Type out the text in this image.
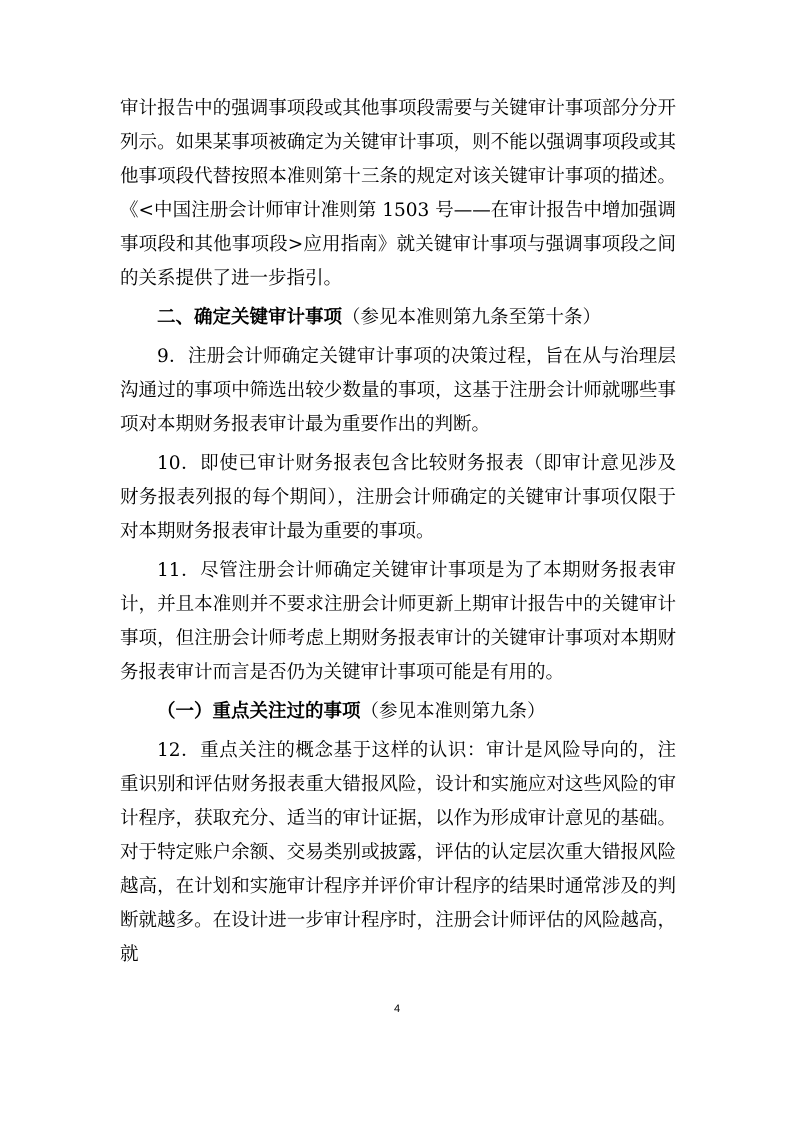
审计报告中的强调事项段或其他事项段需要与关键审计事项部分分开列示。如果某事项被确定为关键审计事项，则不能以强调事项段或其他事项段代替按照本准则第十三条的规定对该关键审计事项的描述。《<中国注册会计师审计准则第 1503 号——在审计报告中增加强调事项段和其他事项段>应用指南》就关键审计事项与强调事项段之间的关系提供了进一步指引。

二、确定关键审计事项（参见本准则第九条至第十条）

9．注册会计师确定关键审计事项的决策过程，旨在从与治理层沟通过的事项中筛选出较少数量的事项，这基于注册会计师就哪些事项对本期财务报表审计最为重要作出的判断。

10．即使已审计财务报表包含比较财务报表（即审计意见涉及财务报表列报的每个期间），注册会计师确定的关键审计事项仅限于对本期财务报表审计最为重要的事项。

11．尽管注册会计师确定关键审计事项是为了本期财务报表审计，并且本准则并不要求注册会计师更新上期审计报告中的关键审计事项，但注册会计师考虑上期财务报表审计的关键审计事项对本期财务报表审计而言是否仍为关键审计事项可能是有用的。

（一）重点关注过的事项（参见本准则第九条）

12．重点关注的概念基于这样的认识：审计是风险导向的，注重识别和评估财务报表重大错报风险，设计和实施应对这些风险的审计程序，获取充分、适当的审计证据，以作为形成审计意见的基础。对于特定账户余额、交易类别或披露，评估的认定层次重大错报风险越高，在计划和实施审计程序并评价审计程序的结果时通常涉及的判断就越多。在设计进一步审计程序时，注册会计师评估的风险越高，就

4
